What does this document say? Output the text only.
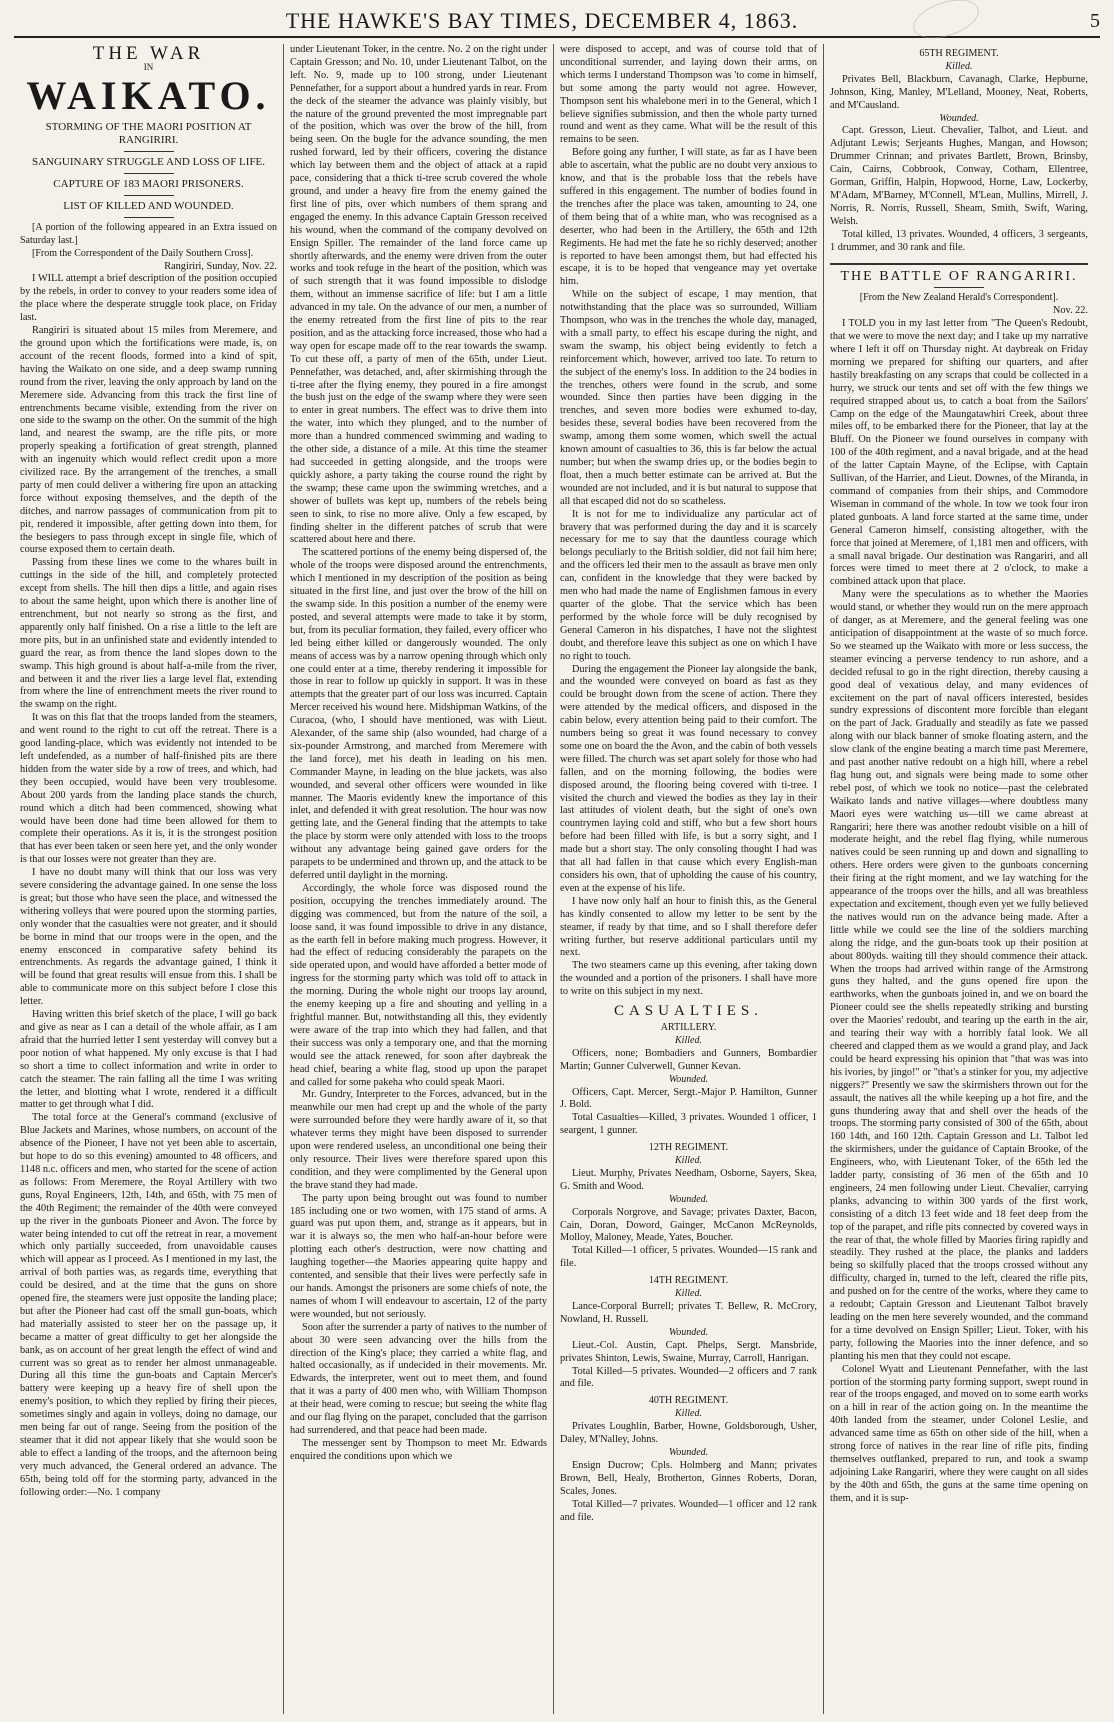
THE HAWKE'S BAY TIMES, DECEMBER 4, 1863.	5
THE WAR
IN
WAIKATO.
STORMING OF THE MAORI POSITION AT RANGIRIRI.
SANGUINARY STRUGGLE AND LOSS OF LIFE.
CAPTURE OF 183 MAORI PRISONERS.
LIST OF KILLED AND WOUNDED.

[A portion of the following appeared in an Extra issued on Saturday last.]

[From the Correspondent of the Daily Southern Cross].

Rangiriri, Sunday, Nov. 22.

I WILL attempt a brief description of the position occupied by the rebels, in order to convey to your readers some idea of the place where the desperate struggle took place, on Friday last.

Rangiriri is situated about 15 miles from Meremere, and the ground upon which the fortifications were made, is, on account of the recent floods, formed into a kind of spit, having the Waikato on one side, and a deep swamp running round from the river, leaving the only approach by land on the Meremere side. Advancing from this track the first line of entrenchments became visible, extending from the river on one side to the swamp on the other. On the summit of the high land, and nearest the swamp, are the rifle pits, or more properly speaking a fortification of great strength, planned with an ingenuity which would reflect credit upon a more civilized race. By the arrangement of the trenches, a small party of men could deliver a withering fire upon an attacking force without exposing themselves, and the depth of the ditches, and narrow passages of communication from pit to pit, rendered it impossible, after getting down into them, for the besiegers to pass through except in single file, which of course exposed them to certain death.

Passing from these lines we come to the whares built in cuttings in the side of the hill, and completely protected except from shells. The hill then dips a little, and again rises to about the same height, upon which there is another line of entrenchment, but not nearly so strong as the first, and apparently only half finished. On a rise a little to the left are more pits, but in an unfinished state and evidently intended to guard the rear, as from thence the land slopes down to the swamp. This high ground is about half-a-mile from the river, and between it and the river lies a large level flat, extending from where the line of entrenchment meets the river round to the swamp on the right.

It was on this flat that the troops landed from the steamers, and went round to the right to cut off the retreat. There is a good landing-place, which was evidently not intended to be left undefended, as a number of half-finished pits are there hidden from the water side by a row of trees, and which, had they been occupied, would have been very troublesome. About 200 yards from the landing place stands the church, round which a ditch had been commenced, showing what would have been done had time been allowed for them to complete their operations. As it is, it is the strongest position that has ever been taken or seen here yet, and the only wonder is that our losses were not greater than they are.

I have no doubt many will think that our loss was very severe considering the advantage gained. In one sense the loss is great; but those who have seen the place, and witnessed the withering volleys that were poured upon the storming parties, only wonder that the casualties were not greater, and it should be borne in mind that our troops were in the open, and the enemy ensconced in comparative safety behind its entrenchments. As regards the advantage gained, I think it will be found that great results will ensue from this. I shall be able to communicate more on this subject before I close this letter.

Having written this brief sketch of the place, I will go back and give as near as I can a detail of the whole affair, as I am afraid that the hurried letter I sent yesterday will convey but a poor notion of what happened. My only excuse is that I had so short a time to collect information and write in order to catch the steamer. The rain falling all the time I was writing the letter, and blotting what I wrote, rendered it a difficult matter to get through what I did.

The total force at the General's command (exclusive of Blue Jackets and Marines, whose numbers, on account of the absence of the Pioneer, I have not yet been able to ascertain, but hope to do so this evening) amounted to 48 officers, and 1148 n.c. officers and men, who started for the scene of action as follows: From Meremere, the Royal Artillery with two guns, Royal Engineers, 12th, 14th, and 65th, with 75 men of the 40th Regiment; the remainder of the 40th were conveyed up the river in the gunboats Pioneer and Avon. The force by water being intended to cut off the retreat in rear, a movement which only partially succeeded, from unavoidable causes which will appear as I proceed. As I mentioned in my last, the arrival of both parties was, as regards time, everything that could be desired, and at the time that the guns on shore opened fire, the steamers were just opposite the landing place; but after the Pioneer had cast off the small gun-boats, which had materially assisted to steer her on the passage up, it became a matter of great difficulty to get her alongside the bank, as on account of her great length the effect of wind and current was so great as to render her almost unmanageable. During all this time the gun-boats and Captain Mercer's battery were keeping up a heavy fire of shell upon the enemy's position, to which they replied by firing their pieces, sometimes singly and again in volleys, doing no damage, our men being far out of range. Seeing from the position of the steamer that it did not appear likely that she would soon be able to effect a landing of the troops, and the afternoon being very much advanced, the General ordered an advance. The 65th, being told off for the storming party, advanced in the following order:—No. 1 company

under Lieutenant Toker, in the centre. No. 2 on the right under Captain Gresson; and No. 10, under Lieutenant Talbot, on the left. No. 9, made up to 100 strong, under Lieutenant Pennefather, for a support about a hundred yards in rear. From the deck of the steamer the advance was plainly visibly, but the nature of the ground prevented the most impregnable part of the position, which was over the brow of the hill, from being seen. On the bugle for the advance sounding, the men rushed forward, led by their officers, covering the distance which lay between them and the object of attack at a rapid pace, considering that a thick ti-tree scrub covered the whole ground, and under a heavy fire from the enemy gained the first line of pits, over which numbers of them sprang and engaged the enemy. In this advance Captain Gresson received his wound, when the command of the company devolved on Ensign Spiller. The remainder of the land force came up shortly afterwards, and the enemy were driven from the outer works and took refuge in the heart of the position, which was of such strength that it was found impossible to dislodge them, without an immense sacrifice of life: but I am a little advanced in my tale. On the advance of our men, a number of the enemy retreated from the first line of pits to the rear position, and as the attacking force increased, those who had a way open for escape made off to the rear towards the swamp. To cut these off, a party of men of the 65th, under Lieut. Pennefather, was detached, and, after skirmishing through the ti-tree after the flying enemy, they poured in a fire amongst the bush just on the edge of the swamp where they were seen to enter in great numbers. The effect was to drive them into the water, into which they plunged, and to the number of more than a hundred commenced swimming and wading to the other side, a distance of a mile. At this time the steamer had succeeded in getting alongside, and the troops were quickly ashore, a party taking the course round the right by the swamp; these came upon the swimming wretches, and a shower of bullets was kept up, numbers of the rebels being seen to sink, to rise no more alive. Only a few escaped, by finding shelter in the different patches of scrub that were scattered about here and there.

The scattered portions of the enemy being dispersed of, the whole of the troops were disposed around the entrenchments, which I mentioned in my description of the position as being situated in the first line, and just over the brow of the hill on the swamp side. In this position a number of the enemy were posted, and several attempts were made to take it by storm, but, from its peculiar formation, they failed, every officer who led being either killed or dangerously wounded. The only means of access was by a narrow opening through which only one could enter at a time, thereby rendering it impossible for those in rear to follow up quickly in support. It was in these attempts that the greater part of our loss was incurred. Captain Mercer received his wound here. Midshipman Watkins, of the Curacoa, (who, I should have mentioned, was with Lieut. Alexander, of the same ship (also wounded, had charge of a six-pounder Armstrong, and marched from Meremere with the land force), met his death in leading on his men. Commander Mayne, in leading on the blue jackets, was also wounded, and several other officers were wounded in like manner. The Maoris evidently knew the importance of this inlet, and defended it with great resolution. The hour was now getting late, and the General finding that the attempts to take the place by storm were only attended with loss to the troops without any advantage being gained gave orders for the parapets to be undermined and thrown up, and the attack to be deferred until daylight in the morning.

Accordingly, the whole force was disposed round the position, occupying the trenches immediately around. The digging was commenced, but from the nature of the soil, a loose sand, it was found impossible to drive in any distance, as the earth fell in before making much progress. However, it had the effect of reducing considerably the parapets on the side operated upon, and would have afforded a better mode of ingress for the storming party which was told off to attack in the morning. During the whole night our troops lay around, the enemy keeping up a fire and shouting and yelling in a frightful manner. But, notwithstanding all this, they evidently were aware of the trap into which they had fallen, and that their success was only a temporary one, and that the morning would see the attack renewed, for soon after daybreak the head chief, bearing a white flag, stood up upon the parapet and called for some pakeha who could speak Maori.

Mr. Gundry, Interpreter to the Forces, advanced, but in the meanwhile our men had crept up and the whole of the party were surrounded before they were hardly aware of it, so that whatever terms they might have been disposed to surrender upon were rendered useless, an unconditional one being their only resource. Their lives were therefore spared upon this condition, and they were complimented by the General upon the brave stand they had made.

The party upon being brought out was found to number 185 including one or two women, with 175 stand of arms. A guard was put upon them, and, strange as it appears, but in war it is always so, the men who half-an-hour before were plotting each other's destruction, were now chatting and laughing together—the Maories appearing quite happy and contented, and sensible that their lives were perfectly safe in our hands. Amongst the prisoners are some chiefs of note, the names of whom I will endeavour to ascertain, 12 of the party were wounded, but not seriously.

Soon after the surrender a party of natives to the number of about 30 were seen advancing over the hills from the direction of the King's place; they carried a white flag, and halted occasionally, as if undecided in their movements. Mr. Edwards, the interpreter, went out to meet them, and found that it was a party of 400 men who, with William Thompson at their head, were coming to rescue; but seeing the white flag and our flag flying on the parapet, concluded that the garrison had surrendered, and that peace had been made.

The messenger sent by Thompson to meet Mr. Edwards enquired the conditions upon which we

were disposed to accept, and was of course told that of unconditional surrender, and laying down their arms, on which terms I understand Thompson was 'to come in himself, but some among the party would not agree. However, Thompson sent his whalebone meri in to the General, which I believe signifies submission, and then the whole party turned round and went as they came. What will be the result of this remains to be seen.

Before going any further, I will state, as far as I have been able to ascertain, what the public are no doubt very anxious to know, and that is the probable loss that the rebels have suffered in this engagement. The number of bodies found in the trenches after the place was taken, amounting to 24, one of them being that of a white man, who was recognised as a deserter, who had been in the Artillery, the 65th and 12th Regiments. He had met the fate he so richly deserved; another is reported to have been amongst them, but had effected his escape, it is to be hoped that vengeance may yet overtake him.

While on the subject of escape, I may mention, that notwithstanding that the place was so surrounded, William Thompson, who was in the trenches the whole day, managed, with a small party, to effect his escape during the night, and swam the swamp, his object being evidently to fetch a reinforcement which, however, arrived too late. To return to the subject of the enemy's loss. In addition to the 24 bodies in the trenches, others were found in the scrub, and some wounded. Since then parties have been digging in the trenches, and seven more bodies were exhumed to-day, besides these, several bodies have been recovered from the swamp, among them some women, which swell the actual known amount of casualties to 36, this is far below the actual number; but when the swamp dries up, or the bodies begin to float, then a much better estimate can be arrived at. But the wounded are not included, and it is but natural to suppose that all that escaped did not do so scatheless.

It is not for me to individualize any particular act of bravery that was performed during the day and it is scarcely necessary for me to say that the dauntless courage which belongs peculiarly to the British soldier, did not fail him here; and the officers led their men to the assault as brave men only can, confident in the knowledge that they were backed by men who had made the name of Englishmen famous in every quarter of the globe. That the service which has been performed by the whole force will be duly recognised by General Cameron in his dispatches, I have not the slightest doubt, and therefore leave this subject as one on which I have no right to touch.

During the engagement the Pioneer lay alongside the bank, and the wounded were conveyed on board as fast as they could be brought down from the scene of action. There they were attended by the medical officers, and disposed in the cabin below, every attention being paid to their comfort. The numbers being so great it was found necessary to convey some one on board the the Avon, and the cabin of both vessels were filled. The church was set apart solely for those who had fallen, and on the morning following, the bodies were disposed around, the flooring being covered with ti-tree. I visited the church and viewed the bodies as they lay in their last attitudes of violent death, but the sight of one's own countrymen laying cold and stiff, who but a few short hours before had been filled with life, is but a sorry sight, and I made but a short stay. The only consoling thought I had was that all had fallen in that cause which every English-man considers his own, that of upholding the cause of his country, even at the expense of his life.

I have now only half an hour to finish this, as the General has kindly consented to allow my letter to be sent by the steamer, if ready by that time, and so I shall therefore defer writing further, but reserve additional particulars until my next.

The two steamers came up this evening, after taking down the wounded and a portion of the prisoners. I shall have more to write on this subject in my next.

CASUALTIES.
ARTILLERY.
Killed.

Officers, none; Bombadiers and Gunners, Bombardier Martin; Gunner Culverwell, Gunner Kevan.

Wounded.

Officers, Capt. Mercer, Sergt.-Major P. Hamilton, Gunner J. Bold.

Total Casualties—Killed, 3 privates. Wounded 1 officer, 1 seargent, 1 gunner.

12TH REGIMENT.
Killed.

Lieut. Murphy, Privates Needham, Osborne, Sayers, Skea, G. Smith and Wood.

Wounded.

Corporals Norgrove, and Savage; privates Daxter, Bacon, Cain, Doran, Doword, Gainger, McCanon McReynolds, Molloy, Maloney, Meade, Yates, Boucher.

Total Killed—1 officer, 5 privates. Wounded—15 rank and file.

14TH REGIMENT.
Killed.

Lance-Corporal Burrell; privates T. Bellew, R. McCrory, Nowland, H. Russell.

Wounded.

Lieut.-Col. Austin, Capt. Phelps, Sergt. Mansbride, privates Shinton, Lewis, Swaine, Murray, Carroll, Hanrigan.

Total Killed—5 privates. Wounded—2 officers and 7 rank and file.

40TH REGIMENT.
Killed.

Privates Loughlin, Barber, Howne, Goldsborough, Usher, Daley, M'Nalley, Johns.

Wounded.

Ensign Ducrow; Cpls. Holmberg and Mann; privates Brown, Bell, Healy, Brotherton, Ginnes Roberts, Doran, Scales, Jones.

Total Killed—7 privates. Wounded—1 officer and 12 rank and file.

65TH REGIMENT.
Killed.

Privates Bell, Blackburn, Cavanagh, Clarke, Hepburne, Johnson, King, Manley, M'Lelland, Mooney, Neat, Roberts, and M'Causland.

Wounded.

Capt. Gresson, Lieut. Chevalier, Talbot, and Lieut. and Adjutant Lewis; Serjeants Hughes, Mangan, and Howson; Drummer Crinnan; and privates Bartlett, Brown, Brinsby, Cain, Cairns, Cobbrook, Conway, Cotham, Ellentree, Gorman, Griffin, Halpin, Hopwood, Horne, Law, Lockerby, M'Adam, M'Barney, M'Connell, M'Lean, Mullins, Mirrell, J. Norris, R. Norris, Russell, Sheam, Smith, Swift, Waring, Welsh.

Total killed, 13 privates. Wounded, 4 officers, 3 sergeants, 1 drummer, and 30 rank and file.

THE BATTLE OF RANGARIRI.

[From the New Zealand Herald's Correspondent].

Nov. 22.

I TOLD you in my last letter from "The Queen's Redoubt, that we were to move the next day; and I take up my narrative where I left it off on Thursday night. At daybreak on Friday morning we prepared for shifting our quarters, and after hastily breakfasting on any scraps that could be collected in a hurry, we struck our tents and set off with the few things we required strapped about us, to catch a boat from the Sailors' Camp on the edge of the Maungatawhiri Creek, about three miles off, to be embarked there for the Pioneer, that lay at the Bluff. On the Pioneer we found ourselves in company with 100 of the 40th regiment, and a naval brigade, and at the head of the latter Captain Mayne, of the Eclipse, with Captain Sullivan, of the Harrier, and Lieut. Downes, of the Miranda, in command of companies from their ships, and Commodore Wiseman in command of the whole. In tow we took four iron plated gunboats. A land force started at the same time, under General Cameron himself, consisting altogether, with the force that joined at Meremere, of 1,181 men and officers, with a small naval brigade. Our destination was Rangariri, and all forces were timed to meet there at 2 o'clock, to make a combined attack upon that place.

Many were the speculations as to whether the Maories would stand, or whether they would run on the mere approach of danger, as at Meremere, and the general feeling was one anticipation of disappointment at the waste of so much force. So we steamed up the Waikato with more or less success, the steamer evincing a perverse tendency to run ashore, and a decided refusal to go in the right direction, thereby causing a good deal of vexatious delay, and many evidences of excitement on the part of naval officers interested, besides sundry expressions of discontent more forcible than elegant on the part of Jack. Gradually and steadily as fate we passed along with our black banner of smoke floating astern, and the slow clank of the engine beating a march time past Meremere, and past another native redoubt on a high hill, where a rebel flag hung out, and signals were being made to some other rebel post, of which we took no notice—past the celebrated Waikato lands and native villages—where doubtless many Maori eyes were watching us—till we came abreast at Rangariri; here there was another redoubt visible on a hill of moderate height, and the rebel flag flying, while numerous natives could be seen running up and down and signalling to others. Here orders were given to the gunboats concerning their firing at the right moment, and we lay watching for the appearance of the troops over the hills, and all was breathless expectation and excitement, though even yet we fully believed the natives would run on the advance being made. After a little while we could see the line of the soldiers marching along the ridge, and the gun-boats took up their position at about 800yds. waiting till they should commence their attack. When the troops had arrived within range of the Armstrong guns they halted, and the guns opened fire upon the earthworks, when the gunboats joined in, and we on board the Pioneer could see the shells repeatedly striking and bursting over the Maories' redoubt, and tearing up the earth in the air, and tearing their way with a horribly fatal look. We all cheered and clapped them as we would a grand play, and Jack could be heard expressing his opinion that "that was was into his ivories, by jingo!" or "that's a stinker for you, my adjective niggers?" Presently we saw the skirmishers thrown out for the assault, the natives all the while keeping up a hot fire, and the guns thundering away that and shell over the heads of the troops. The storming party consisted of 300 of the 65th, about 160 14th, and 160 12th. Captain Gresson and Lt. Talbot led the skirmishers, under the guidance of Captain Brooke, of the Engineers, who, with Lieutenant Toker, of the 65th led the ladder party, consisting of 36 men of the 65th and 10 engineers, 24 men following under Lieut. Chevalier, carrying planks, advancing to within 300 yards of the first work, consisting of a ditch 13 feet wide and 18 feet deep from the top of the parapet, and rifle pits connected by covered ways in the rear of that, the whole filled by Maories firing rapidly and steadily. They rushed at the place, the planks and ladders being so skilfully placed that the troops crossed without any difficulty, charged in, turned to the left, cleared the rifle pits, and pushed on for the centre of the works, where they came to a redoubt; Captain Gresson and Lieutenant Talbot bravely leading on the men here severely wounded, and the command for a time devolved on Ensign Spiller; Lieut. Toker, with his party, following the Maories into the inner defence, and so planting his men that they could not escape.

Colonel Wyatt and Lieutenant Pennefather, with the last portion of the storming party forming support, swept round in rear of the troops engaged, and moved on to some earth works on a hill in rear of the action going on. In the meantime the 40th landed from the steamer, under Colonel Leslie, and advanced same time as 65th on other side of the hill, when a strong force of natives in the rear line of rifle pits, finding themselves outflanked, prepared to run, and took a swamp adjoining Lake Rangariri, where they were caught on all sides by the 40th and 65th, the guns at the same time opening on them, and it is sup-
